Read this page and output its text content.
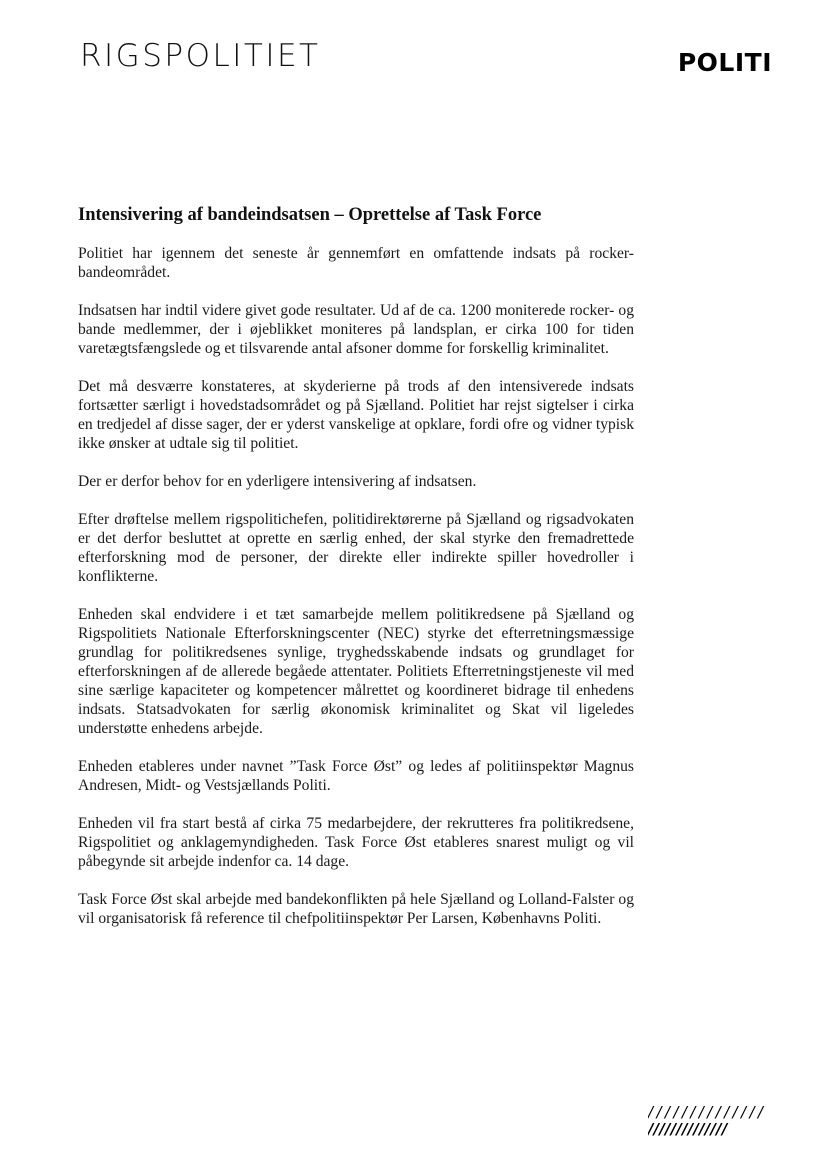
RIGSPOLITIET	POLITI
Intensivering af bandeindsatsen – Oprettelse af Task Force

Politiet har igennem det seneste år gennemført en omfattende indsats på rocker-bandeområdet.

Indsatsen har indtil videre givet gode resultater. Ud af de ca. 1200 moniterede rocker- og bande medlemmer, der i øjeblikket moniteres på landsplan, er cirka 100 for tiden varetægtsfængslede og et tilsvarende antal afsoner domme for forskellig kriminalitet.

Det må desværre konstateres, at skyderierne på trods af den intensiverede indsats fortsætter særligt i hovedstadsområdet og på Sjælland. Politiet har rejst sigtelser i cirka en tredjedel af disse sager, der er yderst vanskelige at opklare, fordi ofre og vidner typisk ikke ønsker at udtale sig til politiet.

Der er derfor behov for en yderligere intensivering af indsatsen.

Efter drøftelse mellem rigspolitichefen, politidirektørerne på Sjælland og rigsadvokaten er det derfor besluttet at oprette en særlig enhed, der skal styrke den fremadrettede efterforskning mod de personer, der direkte eller indirekte spiller hovedroller i konflikterne.

Enheden skal endvidere i et tæt samarbejde mellem politikredsene på Sjælland og Rigspolitiets Nationale Efterforskningscenter (NEC) styrke det efterretningsmæssige grundlag for politikredsenes synlige, tryghedsskabende indsats og grundlaget for efterforskningen af de allerede begåede attentater. Politiets Efterretningstjeneste vil med sine særlige kapaciteter og kompetencer målrettet og koordineret bidrage til enhedens indsats. Statsadvokaten for særlig økonomisk kriminalitet og Skat vil ligeledes understøtte enhedens arbejde.

Enheden etableres under navnet ”Task Force Øst” og ledes af politiinspektør Magnus Andresen, Midt- og Vestsjællands Politi.

Enheden vil fra start bestå af cirka 75 medarbejdere, der rekrutteres fra politikredsene, Rigspolitiet og anklagemyndigheden. Task Force Øst etableres snarest muligt og vil påbegynde sit arbejde indenfor ca. 14 dage.

Task Force Øst skal arbejde med bandekonflikten på hele Sjælland og Lolland-Falster og vil organisatorisk få reference til chefpolitiinspektør Per Larsen, Københavns Politi.

//////////////
//////////////
